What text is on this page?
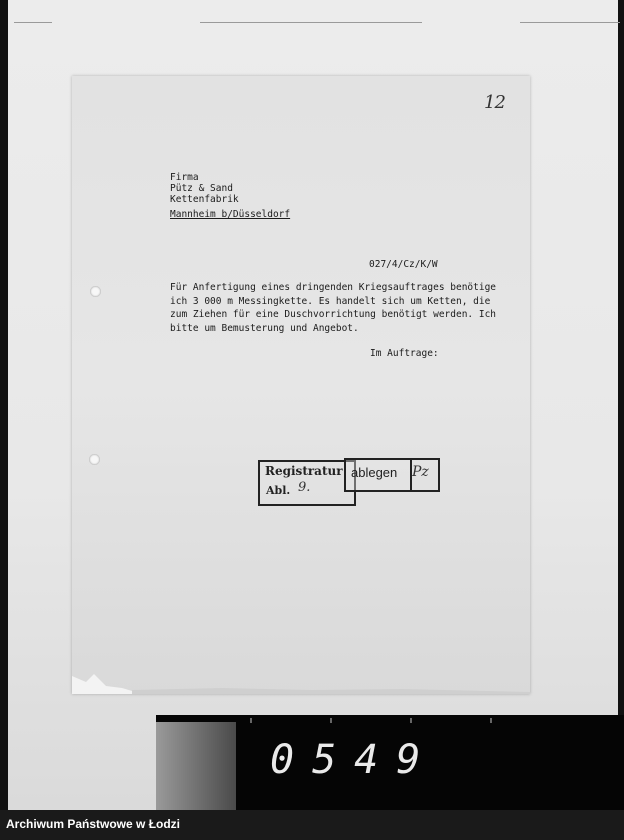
12
Firma
Pütz & Sand
Kettenfabrik
Mannheim b/Düsseldorf
027/4/Cz/K/W
Für Anfertigung eines dringenden Kriegsauftrages benötige
ich 3 000 m Messingkette. Es handelt sich um Ketten, die
zum Ziehen für eine Duschvorrichtung benötigt werden. Ich
bitte um Bemusterung und Angebot.
Im Auftrage:
Registratur
Abl. 9.
ablegen Pz
0549
Archiwum Państwowe w Łodzi
